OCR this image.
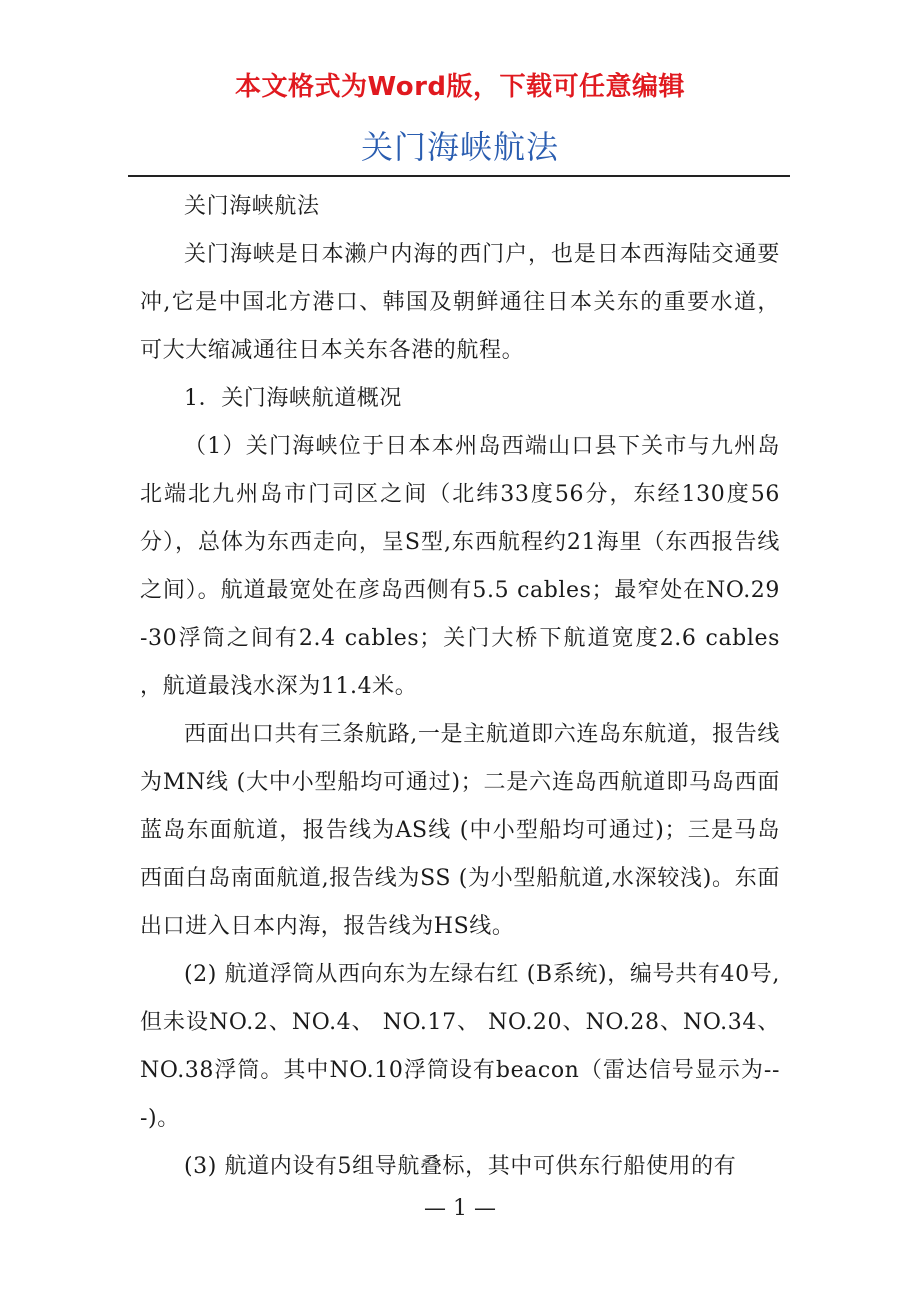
本文格式为Word版，下载可任意编辑
关门海峡航法

关门海峡航法

关门海峡是日本濑户内海的西门户，也是日本西海陆交通要冲,它是中国北方港口、韩国及朝鲜通往日本关东的重要水道，可大大缩减通往日本关东各港的航程。

1．关门海峡航道概况

（1）关门海峡位于日本本州岛西端山口县下关市与九州岛北端北九州岛市门司区之间（北纬33度56分，东经130度56分），总体为东西走向，呈S型,东西航程约21海里（东西报告线之间）。航道最宽处在彦岛西侧有5.5 cables；最窄处在NO.29-30浮筒之间有2.4 cables；关门大桥下航道宽度2.6 cables ，航道最浅水深为11.4米。

西面出口共有三条航路,一是主航道即六连岛东航道，报告线为MN线 (大中小型船均可通过)；二是六连岛西航道即马岛西面蓝岛东面航道，报告线为AS线 (中小型船均可通过)；三是马岛西面白岛南面航道,报告线为SS (为小型船航道,水深较浅)。东面出口进入日本内海，报告线为HS线。

(2) 航道浮筒从西向东为左绿右红 (B系统)，编号共有40号,但未设NO.2、NO.4、 NO.17、 NO.20、NO.28、NO.34、NO.38浮筒。其中NO.10浮筒设有beacon（雷达信号显示为---)。

(3) 航道内设有5组导航叠标，其中可供东行船使用的有

— 1 —
